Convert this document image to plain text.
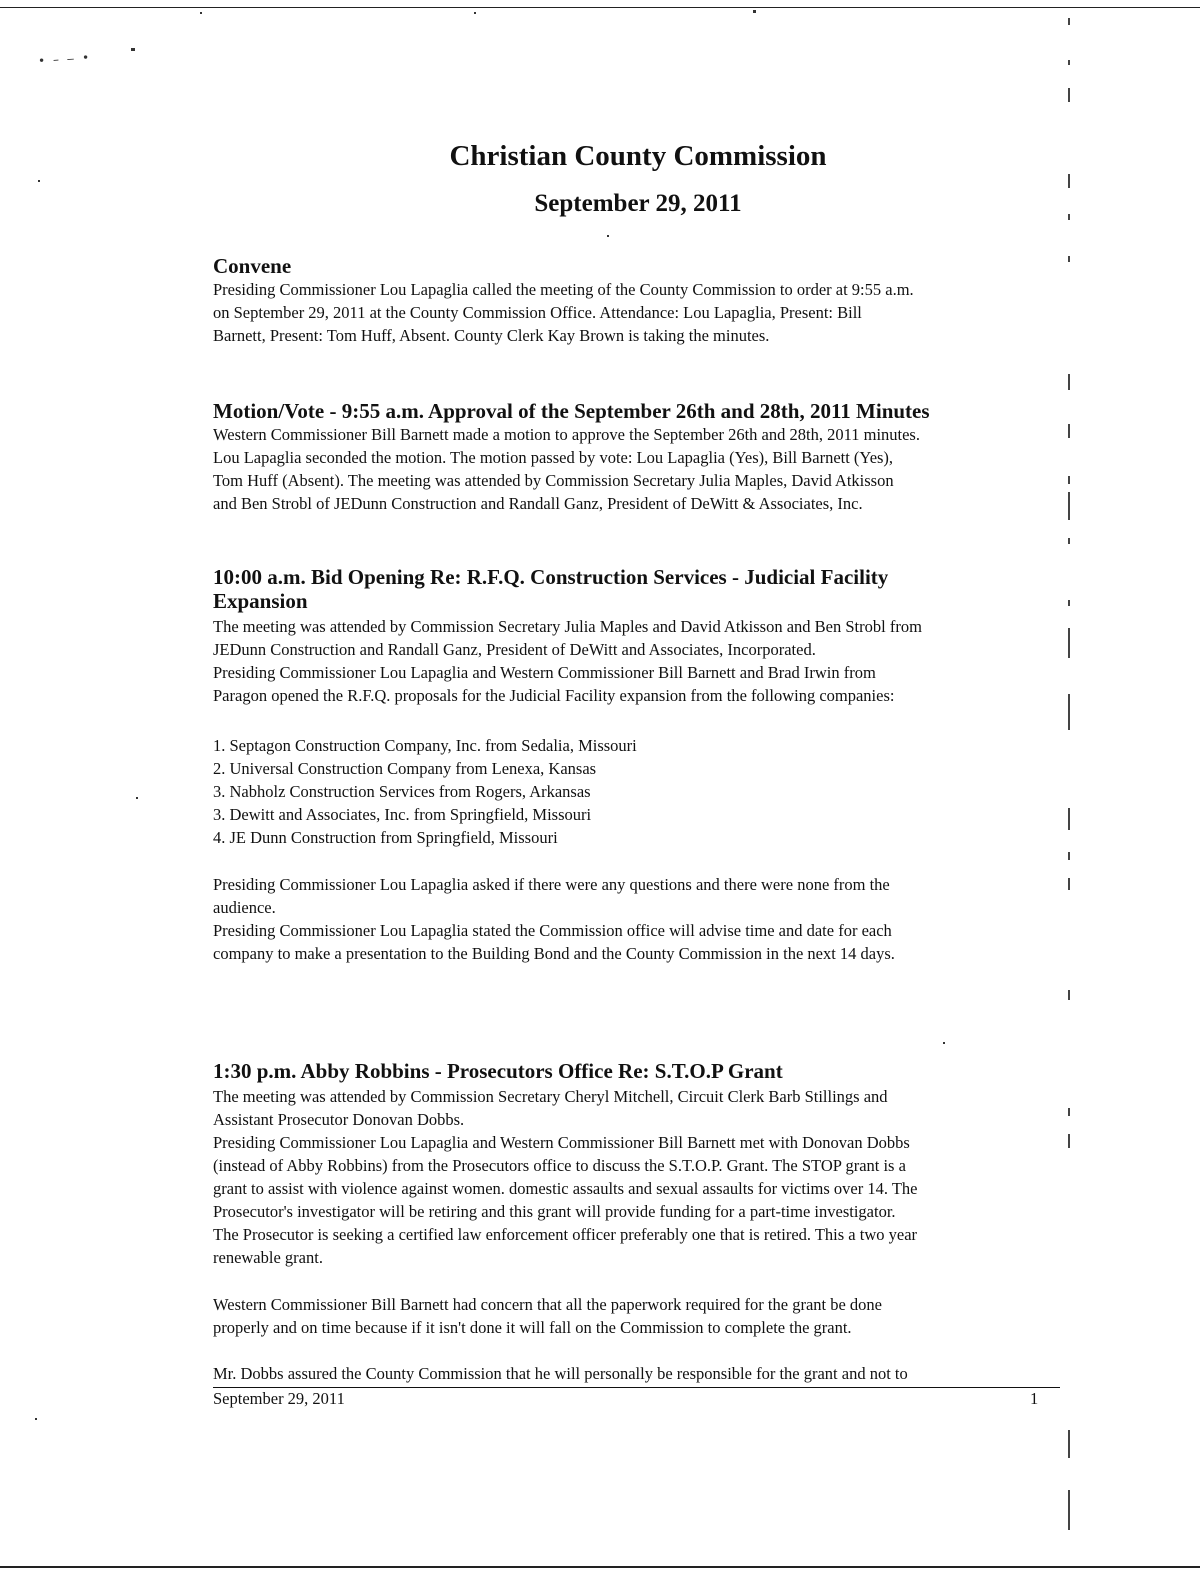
• – ‒ •
Christian County Commission
September 29, 2011
Convene

Presiding Commissioner Lou Lapaglia called the meeting of the County Commission to order at 9:55 a.m.

on September 29, 2011 at the County Commission Office. Attendance: Lou Lapaglia, Present: Bill

Barnett, Present: Tom Huff, Absent. County Clerk Kay Brown is taking the minutes.

Motion/Vote - 9:55 a.m. Approval of the September 26th and 28th, 2011 Minutes

Western Commissioner Bill Barnett made a motion to approve the September 26th and 28th, 2011 minutes.

Lou Lapaglia seconded the motion. The motion passed by vote: Lou Lapaglia (Yes), Bill Barnett (Yes),

Tom Huff (Absent). The meeting was attended by Commission Secretary Julia Maples, David Atkisson

and Ben Strobl of JEDunn Construction and Randall Ganz, President of DeWitt & Associates, Inc.

10:00 a.m. Bid Opening Re: R.F.Q. Construction Services - Judicial Facility
Expansion

The meeting was attended by Commission Secretary Julia Maples and David Atkisson and Ben Strobl from

JEDunn Construction and Randall Ganz, President of DeWitt and Associates, Incorporated.

Presiding Commissioner Lou Lapaglia and Western Commissioner Bill Barnett and Brad Irwin from

Paragon opened the R.F.Q. proposals for the Judicial Facility expansion from the following companies:

1. Septagon Construction Company, Inc. from Sedalia, Missouri
2. Universal Construction Company from Lenexa, Kansas
3. Nabholz Construction Services from Rogers, Arkansas
3. Dewitt and Associates, Inc. from Springfield, Missouri
4. JE Dunn Construction from Springfield, Missouri

Presiding Commissioner Lou Lapaglia asked if there were any questions and there were none from the

audience.

Presiding Commissioner Lou Lapaglia stated the Commission office will advise time and date for each

company to make a presentation to the Building Bond and the County Commission in the next 14 days.

1:30 p.m. Abby Robbins - Prosecutors Office Re: S.T.O.P Grant

The meeting was attended by Commission Secretary Cheryl Mitchell, Circuit Clerk Barb Stillings and

Assistant Prosecutor Donovan Dobbs.

Presiding Commissioner Lou Lapaglia and Western Commissioner Bill Barnett met with Donovan Dobbs

(instead of Abby Robbins) from the Prosecutors office to discuss the S.T.O.P. Grant. The STOP grant is a

grant to assist with violence against women. domestic assaults and sexual assaults for victims over 14. The

Prosecutor's investigator will be retiring and this grant will provide funding for a part-time investigator.

The Prosecutor is seeking a certified law enforcement officer preferably one that is retired. This a two year

renewable grant.

Western Commissioner Bill Barnett had concern that all the paperwork required for the grant be done

properly and on time because if it isn't done it will fall on the Commission to complete the grant.

Mr. Dobbs assured the County Commission that he will personally be responsible for the grant and not to

September 29, 2011	1
